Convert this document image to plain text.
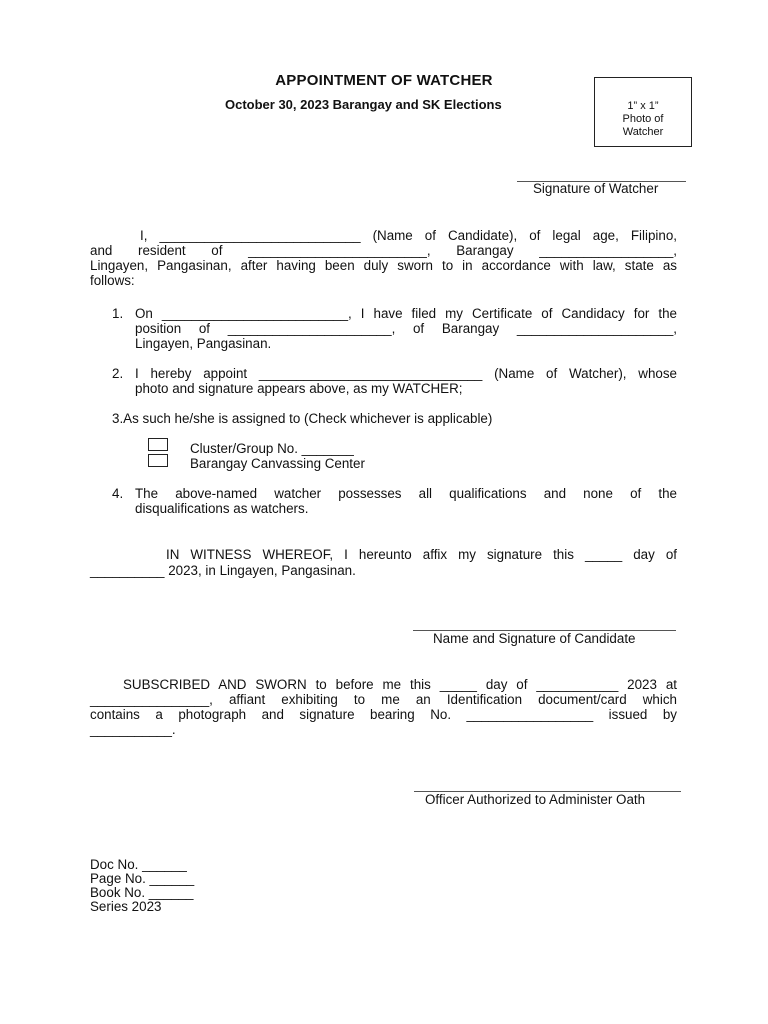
APPOINTMENT OF WATCHER
October 30, 2023 Barangay and SK Elections	1” x 1”
Photo of
Watcher
Signature of Watcher
I, ___________________________ (Name of Candidate), of legal age, Filipino,
and resident of ________________________, Barangay __________________,
Lingayen, Pangasinan, after having been duly sworn to in accordance with law, state as
follows:
1. On _________________________, I have filed my Certificate of Candidacy for the
position of ______________________, of Barangay _____________________,
Lingayen, Pangasinan.
2. I hereby appoint ______________________________ (Name of Watcher), whose
photo and signature appears above, as my WATCHER;
3.As such he/she is assigned to (Check whichever is applicable)
Cluster/Group No. _______
Barangay Canvassing Center
4. The above-named watcher possesses all qualifications and none of the
disqualifications as watchers.
IN WITNESS WHEREOF, I hereunto affix my signature this _____ day of
__________ 2023, in Lingayen, Pangasinan.
Name and Signature of Candidate
SUBSCRIBED AND SWORN to before me this _____ day of ___________ 2023 at
________________, affiant exhibiting to me an Identification document/card which
contains a photograph and signature bearing No. _________________ issued by
___________.
Officer Authorized to Administer Oath
Doc No. ______
Page No. ______
Book No. ______
Series 2023
